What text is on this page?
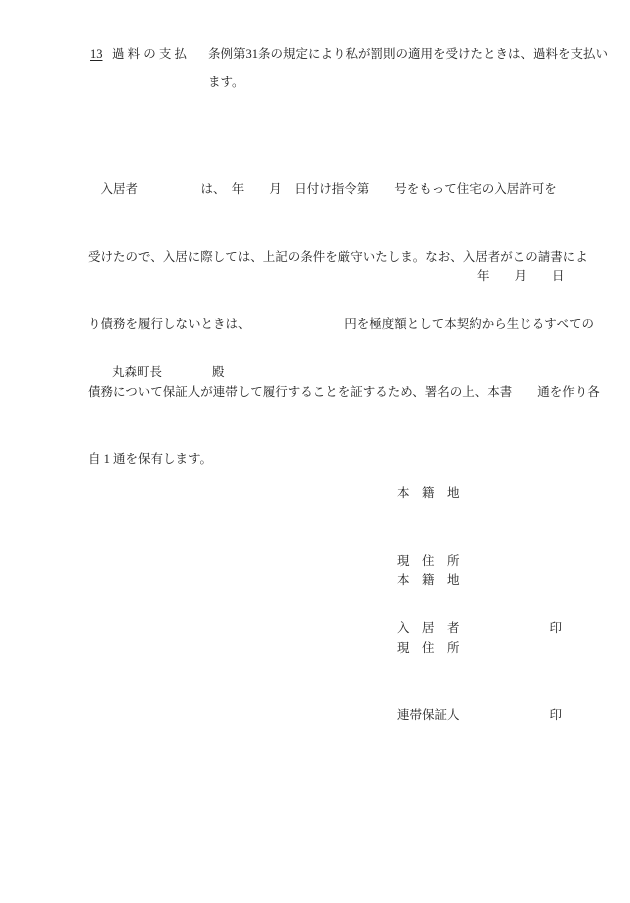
13 過 料 の 支 払 条例第31条の規定により私が罰則の適用を受けたときは、過料を支払い
ます。

　入居者　　　　　は、　年　　月　日付け指令第　　号をもって住宅の入居許可を

受けたので、入居に際しては、上記の条件を厳守いたしま。なお、入居者がこの請書によ

り債務を履行しないときは、　　　　　　　　円を極度額として本契約から生じるすべての

債務について保証人が連帯して履行することを証するため、署名の上、本書　　通を作り各

自 1 通を保有します。

年　　月　　日
丸森町長　　　　殿

本　籍　地

現　住　所

入　居　者	印

本　籍　地

現　住　所

連帯保証人	印
